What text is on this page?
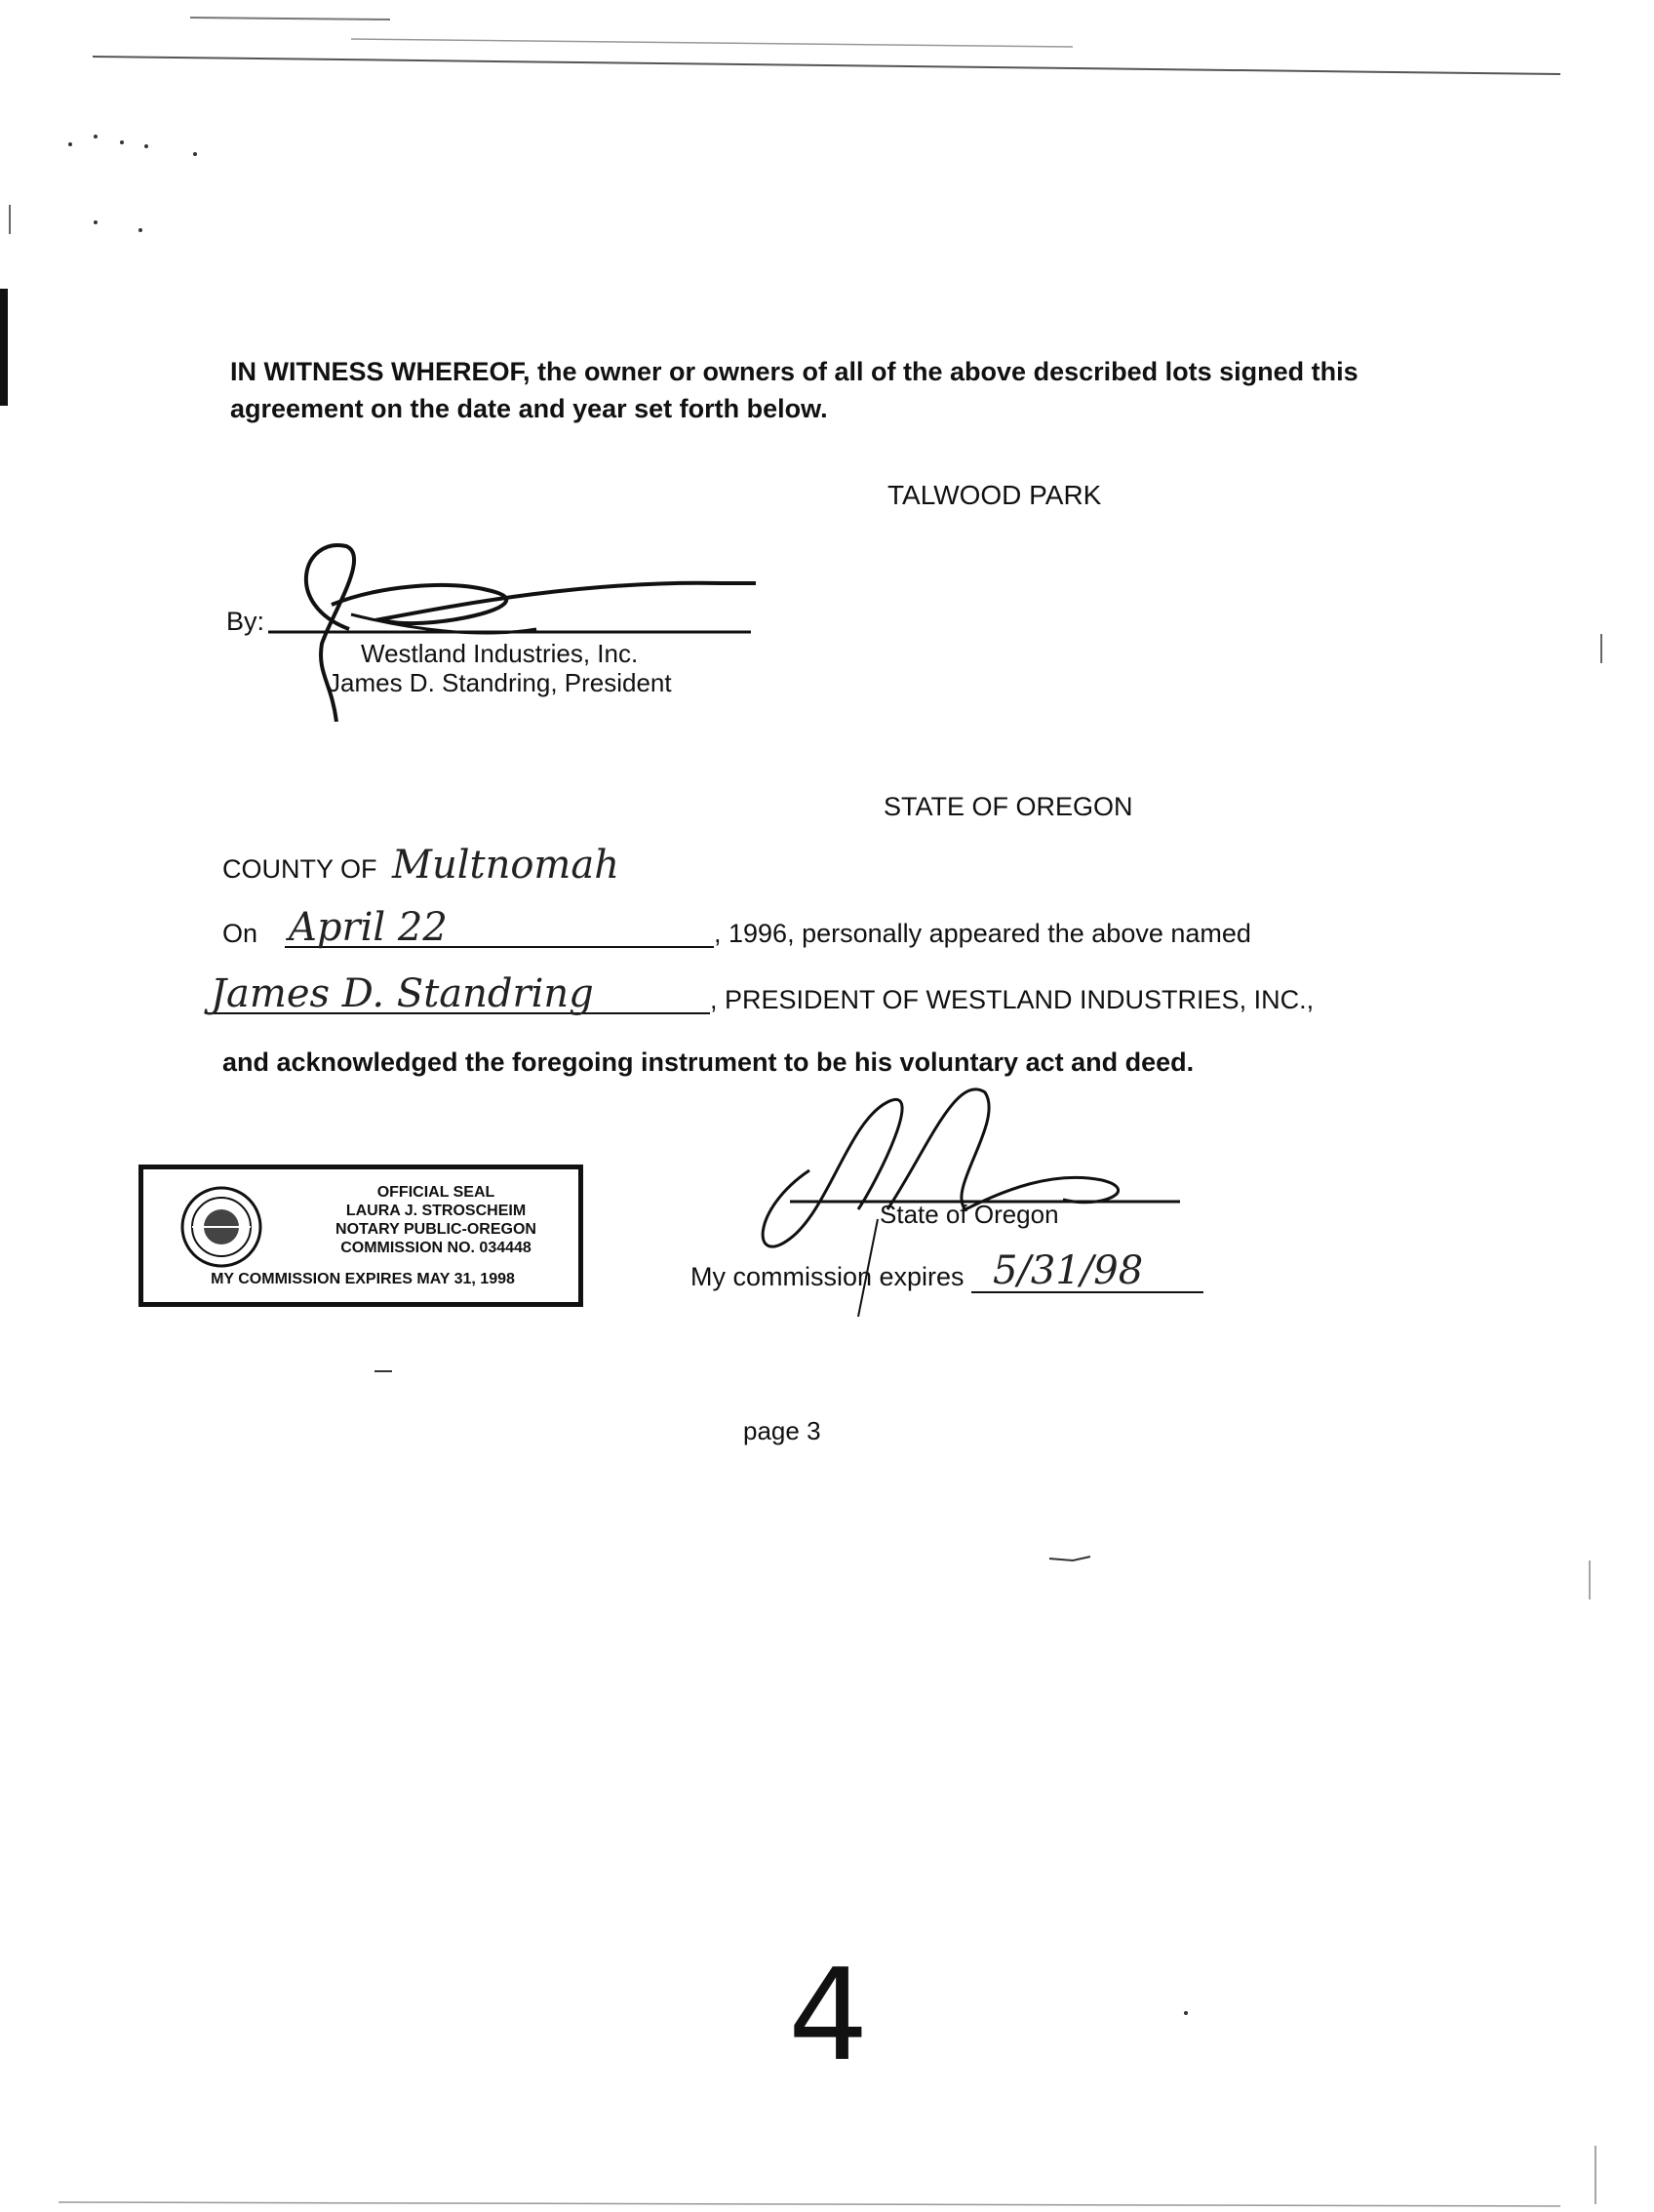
IN WITNESS WHEREOF, the owner or owners of all of the above described lots signed this agreement on the date and year set forth below.
TALWOOD PARK
By:
Westland Industries, Inc.
James D. Standring, President
STATE OF OREGON
COUNTY OF Multnomah
On April 22	, 1996, personally appeared the above named
James D. Standring	, PRESIDENT OF WESTLAND INDUSTRIES, INC.,
and acknowledged the foregoing instrument to be his voluntary act and deed.
OFFICIAL SEAL
LAURA J. STROSCHEIM
NOTARY PUBLIC-OREGON
COMMISSION NO. 034448
MY COMMISSION EXPIRES MAY 31, 1998
State of Oregon
My commission expires 5/31/98
page 3
4
